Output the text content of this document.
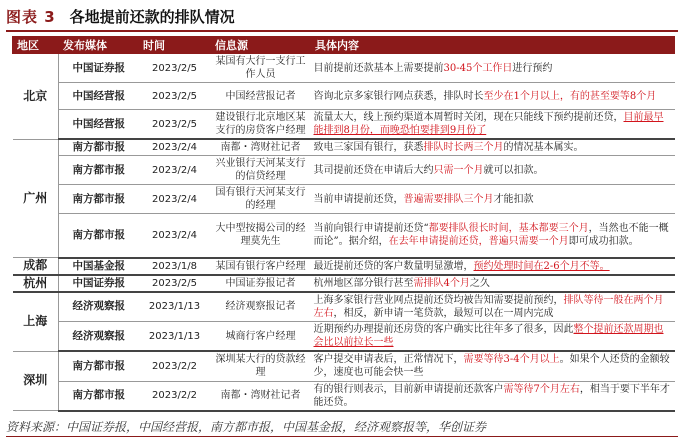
图表 3 各地提前还款的排队情况
地区	发布媒体	时间	信息源	具体内容
北京	中国证券报	2023/2/5	某国有大行一支行工作人员	目前提前还款基本上需要提前30-45个工作日进行预约
	中国经营报	2023/2/5	中国经营报记者	咨询北京多家银行网点获悉，排队时长至少在1个月以上，有的甚至要等8个月
	中国经营报	2023/2/5	建设银行北京地区某支行的房贷客户经理	流量太大，线上预约渠道本周暂时关闭，现在只能线下预约提前还贷，目前最早能排到8月份，而晚恐怕要排到9月份了
广州	南方都市报	2023/2/4	南都・湾财社记者	致电三家国有银行，获悉排队时长两三个月的情况基本属实。
	南方都市报	2023/2/4	兴业银行天河某支行的信贷经理	其司提前还贷在申请后大约只需一个月就可以扣款。
	南方都市报	2023/2/4	国有银行天河某支行的经理	当前申请提前还贷，普遍需要排队三个月才能扣款
	南方都市报	2023/2/4	大中型按揭公司的经理莫先生	当前向银行申请提前还贷“都要排队很长时间，基本都要三个月，当然也不能一概而论”。据介绍，在去年申请提前还贷，普遍只需要一个月即可成功扣款。
成都	中国基金报	2023/1/8	某国有银行客户经理	最近提前还贷的客户数量明显激增，预约处理时间在2-6个月不等。
杭州	中国证券报	2023/2/5	中国证券报记者	杭州地区部分银行甚至需排队4个月之久
上海	经济观察报	2023/1/13	经济观察报记者	上海多家银行营业网点提前还贷均被告知需要提前预约，排队等待一般在两个月左右，相反，新申请一笔贷款，最短可以在一周内完成
	经济观察报	2023/1/13	城商行客户经理	近期预约办理提前还房贷的客户确实比往年多了很多，因此整个提前还款周期也会比以前拉长一些
深圳	南方都市报	2023/2/2	深圳某大行的贷款经理	客户提交申请表后，正常情况下，需要等待3-4个月以上。如果个人还贷的金额较少，速度也可能会快一些
	南方都市报	2023/2/2	南都・湾财社记者	有的银行则表示，目前新申请提前还款客户需等待7个月左右，相当于要下半年才能还贷。
资料来源：中国证券报，中国经营报，南方都市报，中国基金报，经济观察报等，华创证券
